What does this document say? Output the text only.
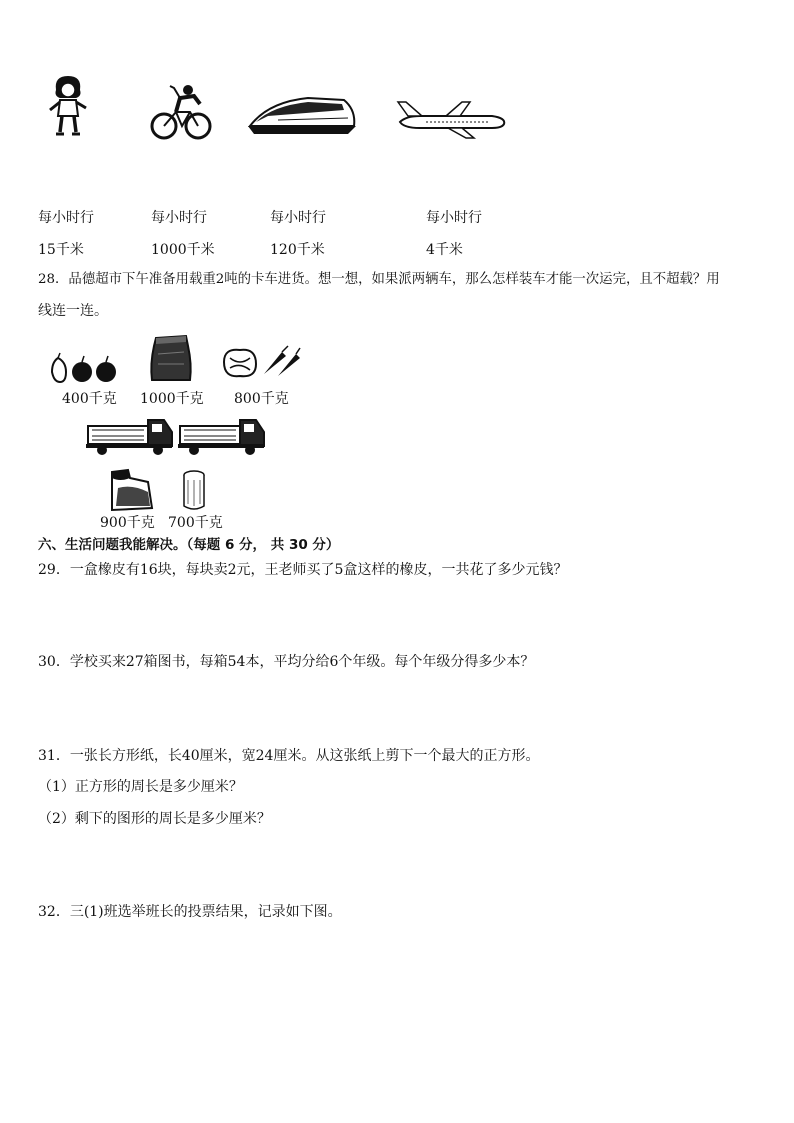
每小时行	每小时行	每小时行	每小时行
15千米	1000千米	120千米	4千米
28．品德超市下午准备用载重2吨的卡车进货。想一想，如果派两辆车，那么怎样装车才能一次运完，且不超载？用
线连一连。
400千克 1000千克 800千克
900千克 700千克
六、生活问题我能解决。（每题 6 分， 共 30 分）
29．一盒橡皮有16块，每块卖2元，王老师买了5盒这样的橡皮，一共花了多少元钱？
30．学校买来27箱图书，每箱54本，平均分给6个年级。每个年级分得多少本？
31．一张长方形纸，长40厘米，宽24厘米。从这张纸上剪下一个最大的正方形。
（1）正方形的周长是多少厘米？
（2）剩下的图形的周长是多少厘米？
32．三(1)班选举班长的投票结果，记录如下图。
